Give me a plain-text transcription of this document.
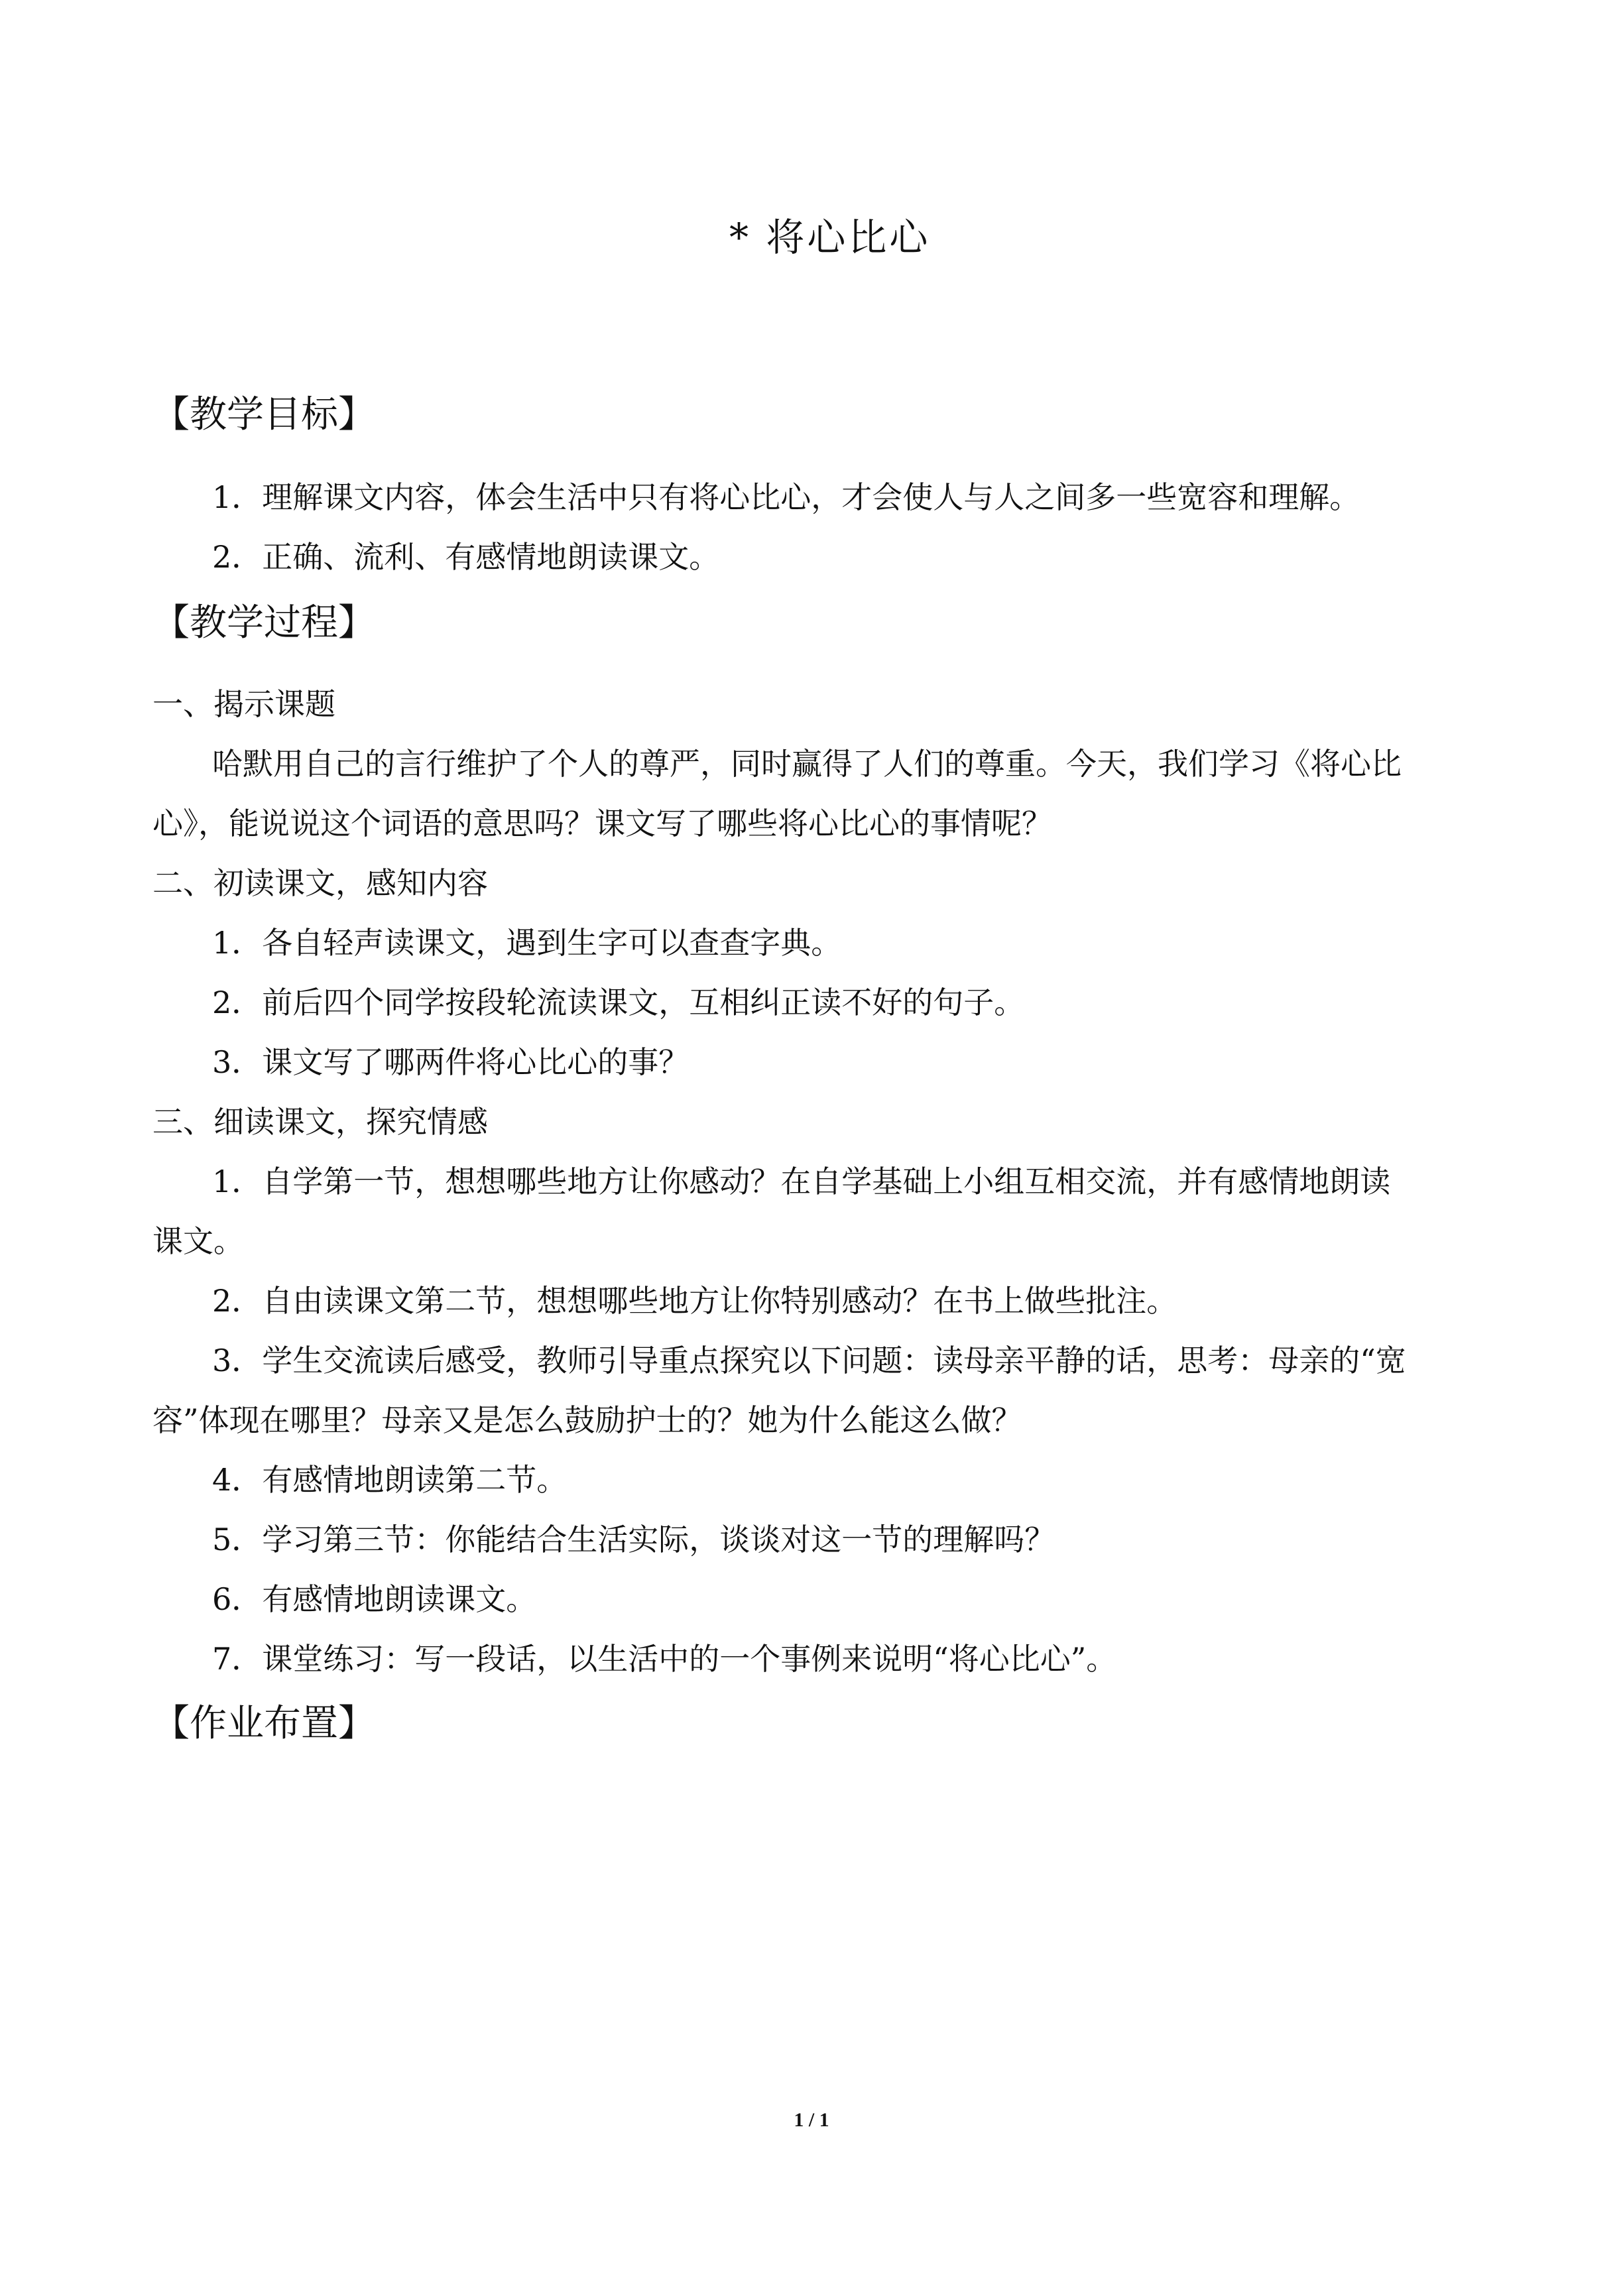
* 将心比心
【教学目标】
1．理解课文内容，体会生活中只有将心比心，才会使人与人之间多一些宽容和理解。
2．正确、流利、有感情地朗读课文。
【教学过程】
一、揭示课题
哈默用自己的言行维护了个人的尊严，同时赢得了人们的尊重。今天，我们学习《将心比
心》，能说说这个词语的意思吗？课文写了哪些将心比心的事情呢？
二、初读课文，感知内容
1．各自轻声读课文，遇到生字可以查查字典。
2．前后四个同学按段轮流读课文，互相纠正读不好的句子。
3．课文写了哪两件将心比心的事？
三、细读课文，探究情感
1．自学第一节，想想哪些地方让你感动？在自学基础上小组互相交流，并有感情地朗读
课文。
2．自由读课文第二节，想想哪些地方让你特别感动？在书上做些批注。
3．学生交流读后感受，教师引导重点探究以下问题：读母亲平静的话，思考：母亲的“宽
容”体现在哪里？母亲又是怎么鼓励护士的？她为什么能这么做？
4．有感情地朗读第二节。
5．学习第三节：你能结合生活实际，谈谈对这一节的理解吗？
6．有感情地朗读课文。
7．课堂练习：写一段话，以生活中的一个事例来说明“将心比心”。
【作业布置】
1 / 1
